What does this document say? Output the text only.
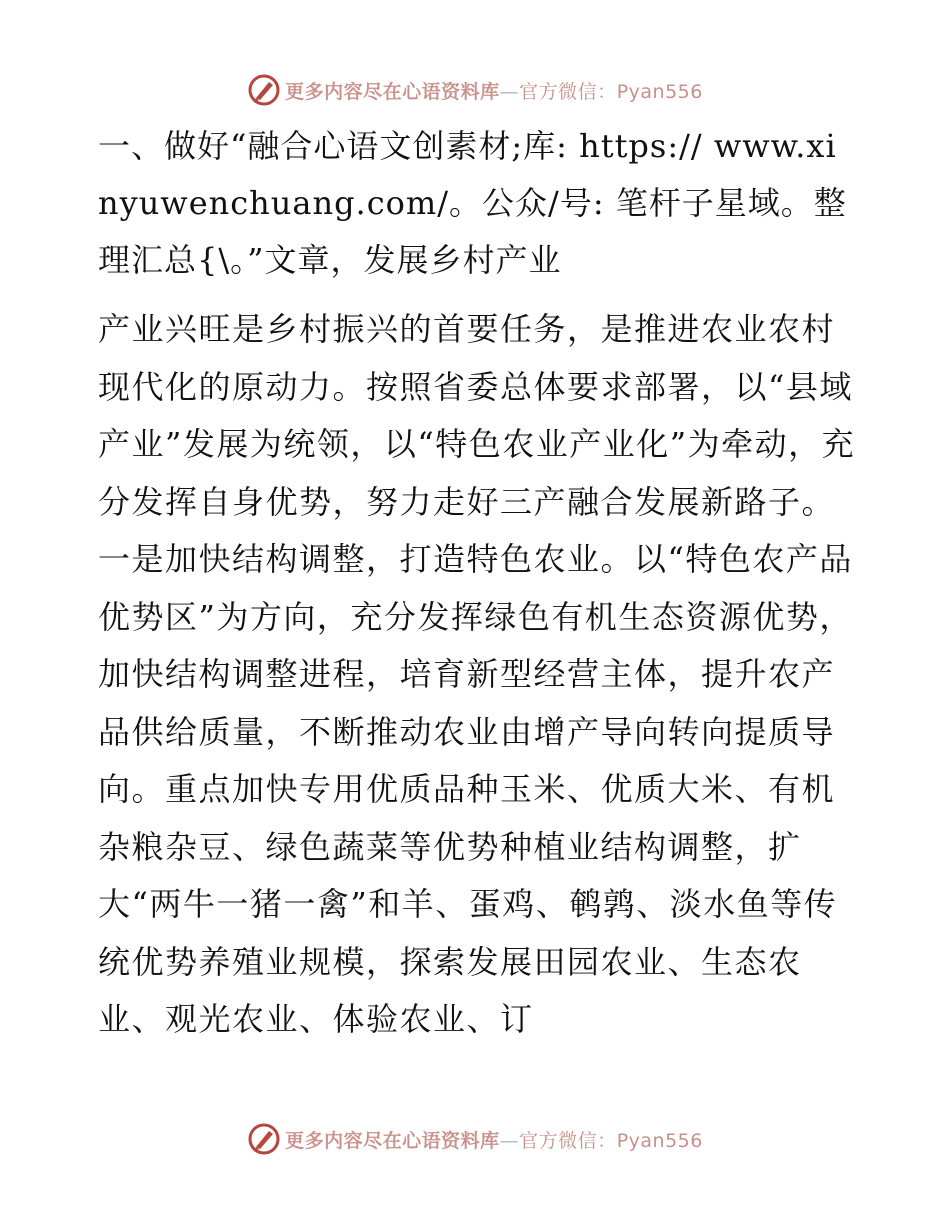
更多内容尽在心语资料库—官方微信：Pyan556

一、做好“融合心语文创素材;库: https:// www.xinyuwenchuang.com/。公众/号: 笔杆子星域。整理汇总{\。”文章，发展乡村产业

产业兴旺是乡村振兴的首要任务，是推进农业农村现代化的原动力。按照省委总体要求部署，以“县域产业”发展为统领，以“特色农业产业化”为牵动，充分发挥自身优势，努力走好三产融合发展新路子。一是加快结构调整，打造特色农业。以“特色农产品优势区”为方向，充分发挥绿色有机生态资源优势，加快结构调整进程，培育新型经营主体，提升农产品供给质量，不断推动农业由增产导向转向提质导向。重点加快专用优质品种玉米、优质大米、有机杂粮杂豆、绿色蔬菜等优势种植业结构调整，扩大“两牛一猪一禽”和羊、蛋鸡、鹌鹑、淡水鱼等传统优势养殖业规模，探索发展田园农业、生态农业、观光农业、体验农业、订

更多内容尽在心语资料库—官方微信：Pyan556
